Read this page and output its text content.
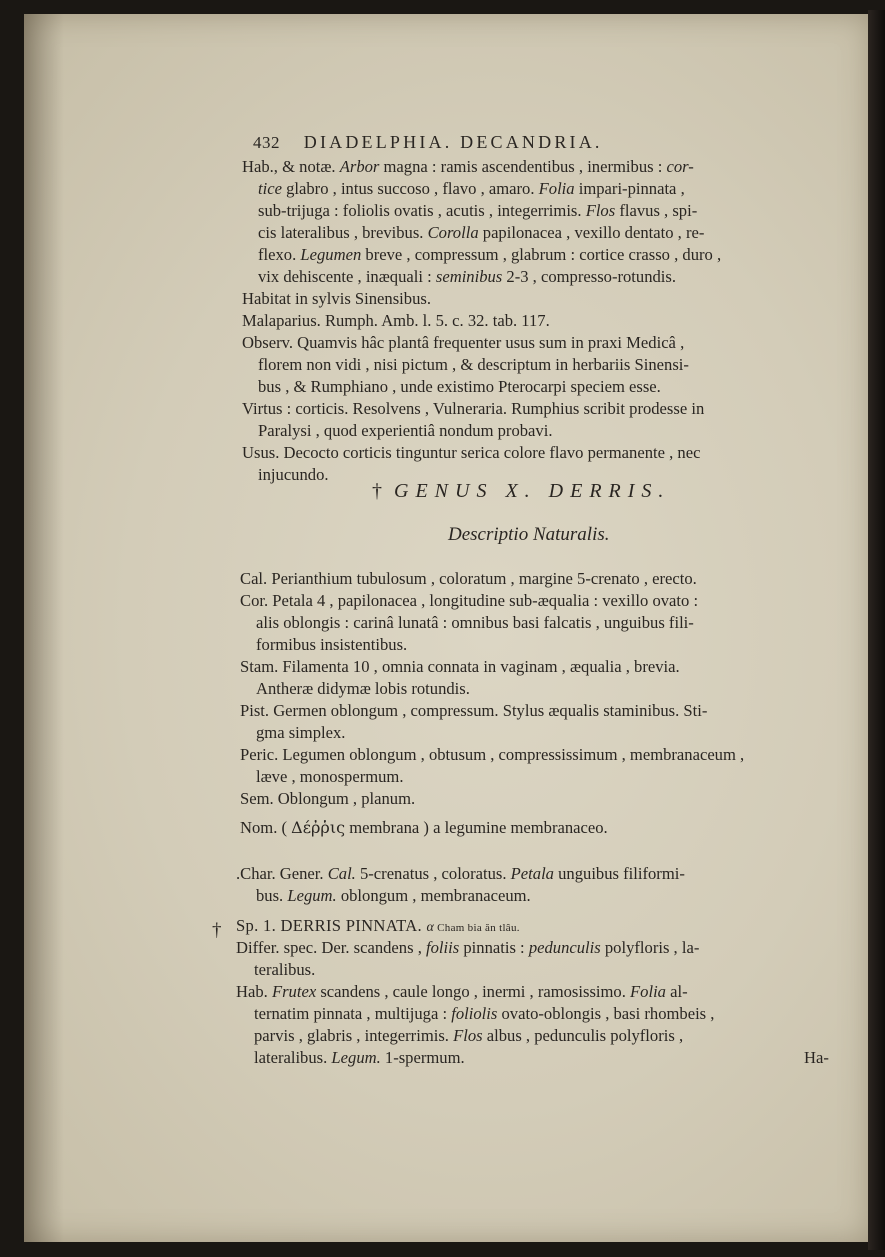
432 DIADELPHIA. DECANDRIA.
Hab., & notæ. Arbor magna : ramis ascendentibus , inermibus : cor-
tice glabro , intus succoso , flavo , amaro. Folia impari-pinnata ,
sub-trijuga : foliolis ovatis , acutis , integerrimis. Flos flavus , spi-
cis lateralibus , brevibus. Corolla papilonacea , vexillo dentato , re-
flexo. Legumen breve , compressum , glabrum : cortice crasso , duro ,
vix dehiscente , inæquali : seminibus 2-3 , compresso-rotundis.
Habitat in sylvis Sinensibus.
Malaparius. Rumph. Amb. l. 5. c. 32. tab. 117.
Observ. Quamvis hâc plantâ frequenter usus sum in praxi Medicâ ,
florem non vidi , nisi pictum , & descriptum in herbariis Sinensi-
bus , & Rumphiano , unde existimo Pterocarpi speciem esse.
Virtus : corticis. Resolvens , Vulneraria. Rumphius scribit prodesse in
Paralysi , quod experientiâ nondum probavi.
Usus. Decocto corticis tinguntur serica colore flavo permanente , nec
injucundo.
† GENUS X. DERRIS.
Descriptio Naturalis.
Cal. Perianthium tubulosum , coloratum , margine 5-crenato , erecto.
Cor. Petala 4 , papilonacea , longitudine sub-æqualia : vexillo ovato :
alis oblongis : carinâ lunatâ : omnibus basi falcatis , unguibus fili-
formibus insistentibus.
Stam. Filamenta 10 , omnia connata in vaginam , æqualia , brevia.
Antheræ didymæ lobis rotundis.
Pist. Germen oblongum , compressum. Stylus æqualis staminibus. Sti-
gma simplex.
Peric. Legumen oblongum , obtusum , compressissimum , membranaceum ,
læve , monospermum.
Sem. Oblongum , planum.
Nom. ( Δέῤῥις membrana ) a legumine membranaceo.
.Char. Gener. Cal. 5-crenatus , coloratus. Petala unguibus filiformi-
bus. Legum. oblongum , membranaceum.
† Sp. 1. DERRIS PINNATA. α Cham bia ăn tlâu.
Differ. spec. Der. scandens , foliis pinnatis : pedunculis polyfloris , la-
teralibus.
Hab. Frutex scandens , caule longo , inermi , ramosissimo. Folia al-
ternatim pinnata , multijuga : foliolis ovato-oblongis , basi rhombeis ,
parvis , glabris , integerrimis. Flos albus , pedunculis polyfloris ,
lateralibus. Legum. 1-spermum.	Ha-
